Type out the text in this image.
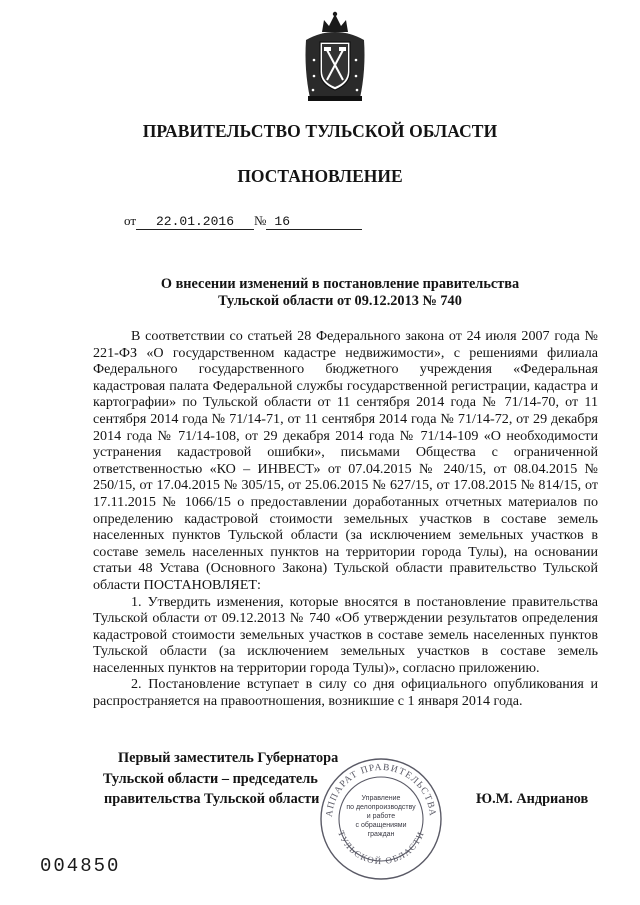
ПРАВИТЕЛЬСТВО ТУЛЬСКОЙ ОБЛАСТИ
ПОСТАНОВЛЕНИЕ
от 22.01.2016 № 16
О внесении изменений в постановление правительства
Тульской области от 09.12.2013 № 740

В соответствии со статьей 28 Федерального закона от 24 июля 2007 года № 221-ФЗ «О государственном кадастре недвижимости», с решениями филиала Федерального государственного бюджетного учреждения «Федеральная кадастровая палата Федеральной службы государственной регистрации, кадастра и картографии» по Тульской области от 11 сентября 2014 года № 71/14-70, от 11 сентября 2014 года № 71/14-71, от 11 сентября 2014 года № 71/14-72, от 29 декабря 2014 года № 71/14-108, от 29 декабря 2014 года № 71/14-109 «О необходимости устранения кадастровой ошибки», письмами Общества с ограниченной ответственностью «КО – ИНВЕСТ» от 07.04.2015 № 240/15, от 08.04.2015 № 250/15, от 17.04.2015 № 305/15, от 25.06.2015 № 627/15, от 17.08.2015 № 814/15, от 17.11.2015 № 1066/15 о предоставлении доработанных отчетных материалов по определению кадастровой стоимости земельных участков в составе земель населенных пунктов Тульской области (за исключением земельных участков в составе земель населенных пунктов на территории города Тулы), на основании статьи 48 Устава (Основного Закона) Тульской области правительство Тульской области ПОСТАНОВЛЯЕТ:

1. Утвердить изменения, которые вносятся в постановление правительства Тульской области от 09.12.2013 № 740 «Об утверждении результатов определения кадастровой стоимости земельных участков в составе земель населенных пунктов Тульской области (за исключением земельных участков в составе земель населенных пунктов на территории города Тулы)», согласно приложению.

2. Постановление вступает в силу со дня официального опубликования и распространяется на правоотношения, возникшие с 1 января 2014 года.

Первый заместитель Губернатора
Тульской области – председатель
правительства Тульской области
АППАРАТ ПРАВИТЕЛЬСТВА
ТУЛЬСКОЙ ОБЛАСТИ
Управление
по делопроизводству
и работе
с обращениями
граждан
Ю.М. Андрианов
004850
